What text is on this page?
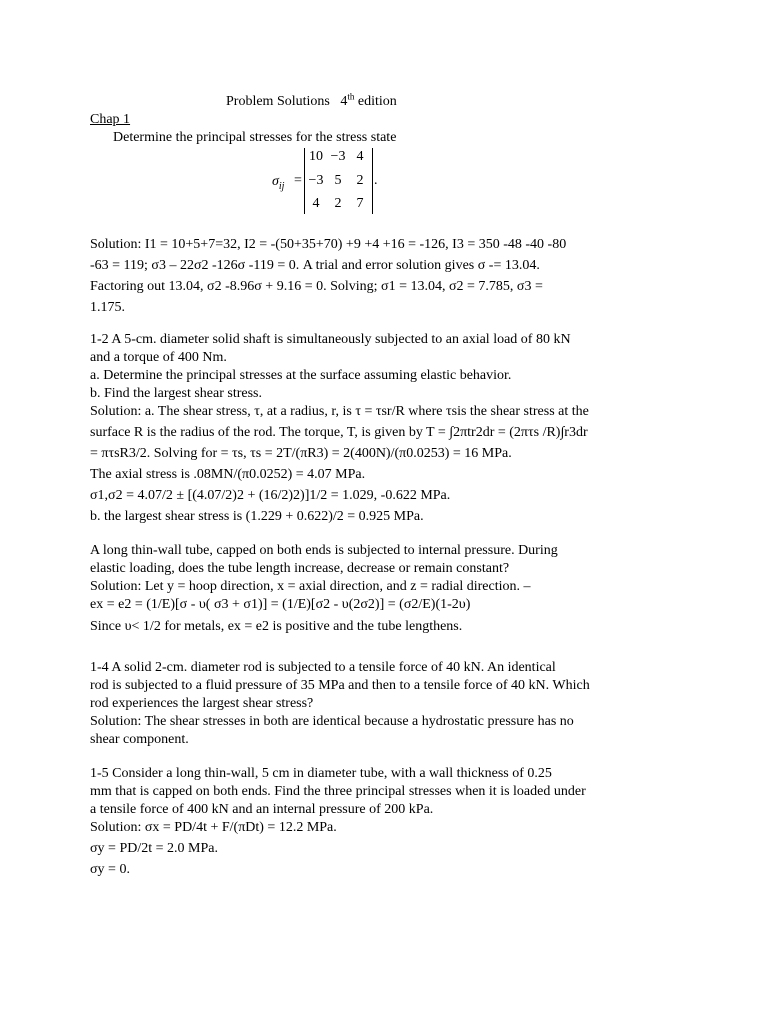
Problem Solutions   4th edition
Chap 1
Determine the principal stresses for the stress state
$\sigma_{ij}$ =
10 −3 4
−3 5	2
4	2	7
.
Solution: I1 = 10+5+7=32, I2 = -(50+35+70) +9 +4 +16 = -126, I3 = 350 -48 -40 -80
-63 = 119; σ3 – 22σ2 -126σ -119 = 0. A trial and error solution gives σ -= 13.04.
Factoring out 13.04, σ2 -8.96σ + 9.16 = 0. Solving; σ1 = 13.04, σ2 = 7.785, σ3 =
1.175.
1-2 A 5-cm. diameter solid shaft is simultaneously subjected to an axial load of 80 kN
and a torque of 400 Nm.
a. Determine the principal stresses at the surface assuming elastic behavior.
b. Find the largest shear stress.
Solution: a. The shear stress, τ, at a radius, r, is τ = τsr/R where τsis the shear stress at the
surface R is the radius of the rod. The torque, T, is given by T = ∫2πtr2dr = (2πτs /R)∫r3dr
= πτsR3/2. Solving for = τs, τs = 2T/(πR3) = 2(400N)/(π0.0253) = 16 MPa.
The axial stress is .08MN/(π0.0252) = 4.07 MPa.
σ1,σ2 = 4.07/2 ± [(4.07/2)2 + (16/2)2)]1/2 = 1.029, -0.622 MPa.
b. the largest shear stress is (1.229 + 0.622)/2 = 0.925 MPa.
A long thin-wall tube, capped on both ends is subjected to internal pressure. During
elastic loading, does the tube length increase, decrease or remain constant?
Solution: Let y = hoop direction, x = axial direction, and z = radial direction. –
ex = e2 = (1/E)[σ - υ( σ3 + σ1)] = (1/E)[σ2 - υ(2σ2)] = (σ2/E)(1-2υ)
Since υ< 1/2 for metals, ex = e2 is positive and the tube lengthens.
1-4 A solid 2-cm. diameter rod is subjected to a tensile force of 40 kN. An identical
rod is subjected to a fluid pressure of 35 MPa and then to a tensile force of 40 kN. Which
rod experiences the largest shear stress?
Solution: The shear stresses in both are identical because a hydrostatic pressure has no
shear component.
1-5 Consider a long thin-wall, 5 cm in diameter tube, with a wall thickness of 0.25
mm that is capped on both ends. Find the three principal stresses when it is loaded under
a tensile force of 400 kN and an internal pressure of 200 kPa.
Solution: σx = PD/4t + F/(πDt) = 12.2 MPa.
σy = PD/2t = 2.0 MPa.
σy = 0.
